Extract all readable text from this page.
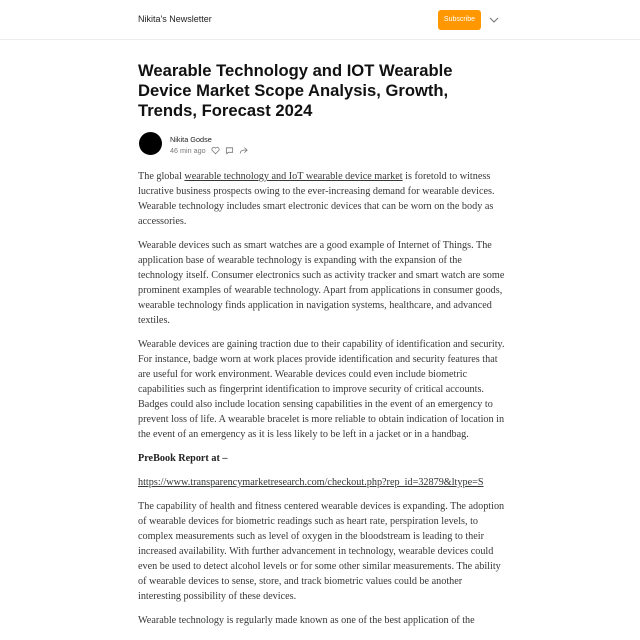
Nikita's Newsletter	Subscribe
Wearable Technology and IOT Wearable Device Market Scope Analysis, Growth, Trends, Forecast 2024
Nikita Godse
46 min ago

The global wearable technology and IoT wearable device market is foretold to witness lucrative business prospects owing to the ever-increasing demand for wearable devices. Wearable technology includes smart electronic devices that can be worn on the body as accessories.

Wearable devices such as smart watches are a good example of Internet of Things. The application base of wearable technology is expanding with the expansion of the technology itself. Consumer electronics such as activity tracker and smart watch are some prominent examples of wearable technology. Apart from applications in consumer goods, wearable technology finds application in navigation systems, healthcare, and advanced textiles.

Wearable devices are gaining traction due to their capability of identification and security. For instance, badge worn at work places provide identification and security features that are useful for work environment. Wearable devices could even include biometric capabilities such as fingerprint identification to improve security of critical accounts. Badges could also include location sensing capabilities in the event of an emergency to prevent loss of life. A wearable bracelet is more reliable to obtain indication of location in the event of an emergency as it is less likely to be left in a jacket or in a handbag.

PreBook Report at –

https://www.transparencymarketresearch.com/checkout.php?rep_id=32879&ltype=S

The capability of health and fitness centered wearable devices is expanding. The adoption of wearable devices for biometric readings such as heart rate, perspiration levels, to complex measurements such as level of oxygen in the bloodstream is leading to their increased availability. With further advancement in technology, wearable devices could even be used to detect alcohol levels or for some other similar measurements. The ability of wearable devices to sense, store, and track biometric values could be another interesting possibility of these devices.

Wearable technology is regularly made known as one of the best application of the
